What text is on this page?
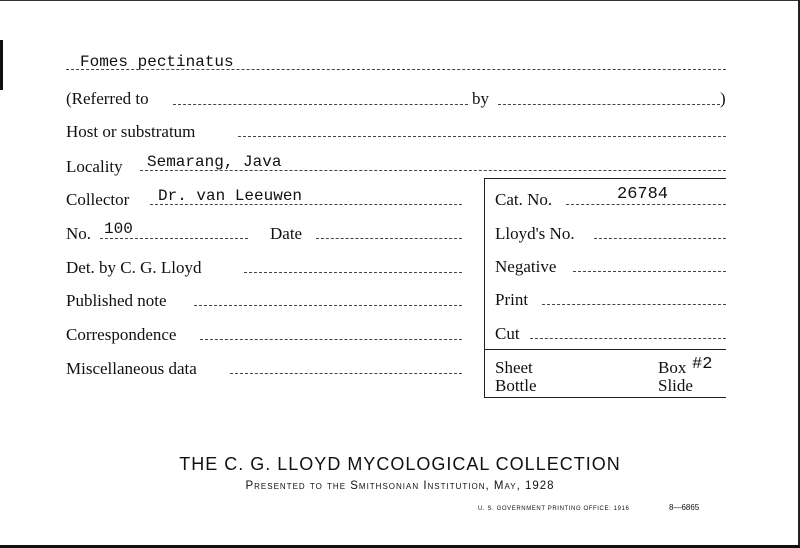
Fomes pectinatus
(Referred to	by	)
Host or substratum
Locality Semarang, Java
Collector Dr. van Leeuwen	Cat. No.	26784
No. 100	Date	Lloyd's No.
Det. by C. G. Lloyd	Negative
Published note	Print
Correspondence	Cut
Miscellaneous data	Sheet	Box #2
Bottle	Slide
THE C. G. LLOYD MYCOLOGICAL COLLECTION
Presented to the Smithsonian Institution, May, 1928
U. S. GOVERNMENT PRINTING OFFICE: 1916	8—6865
